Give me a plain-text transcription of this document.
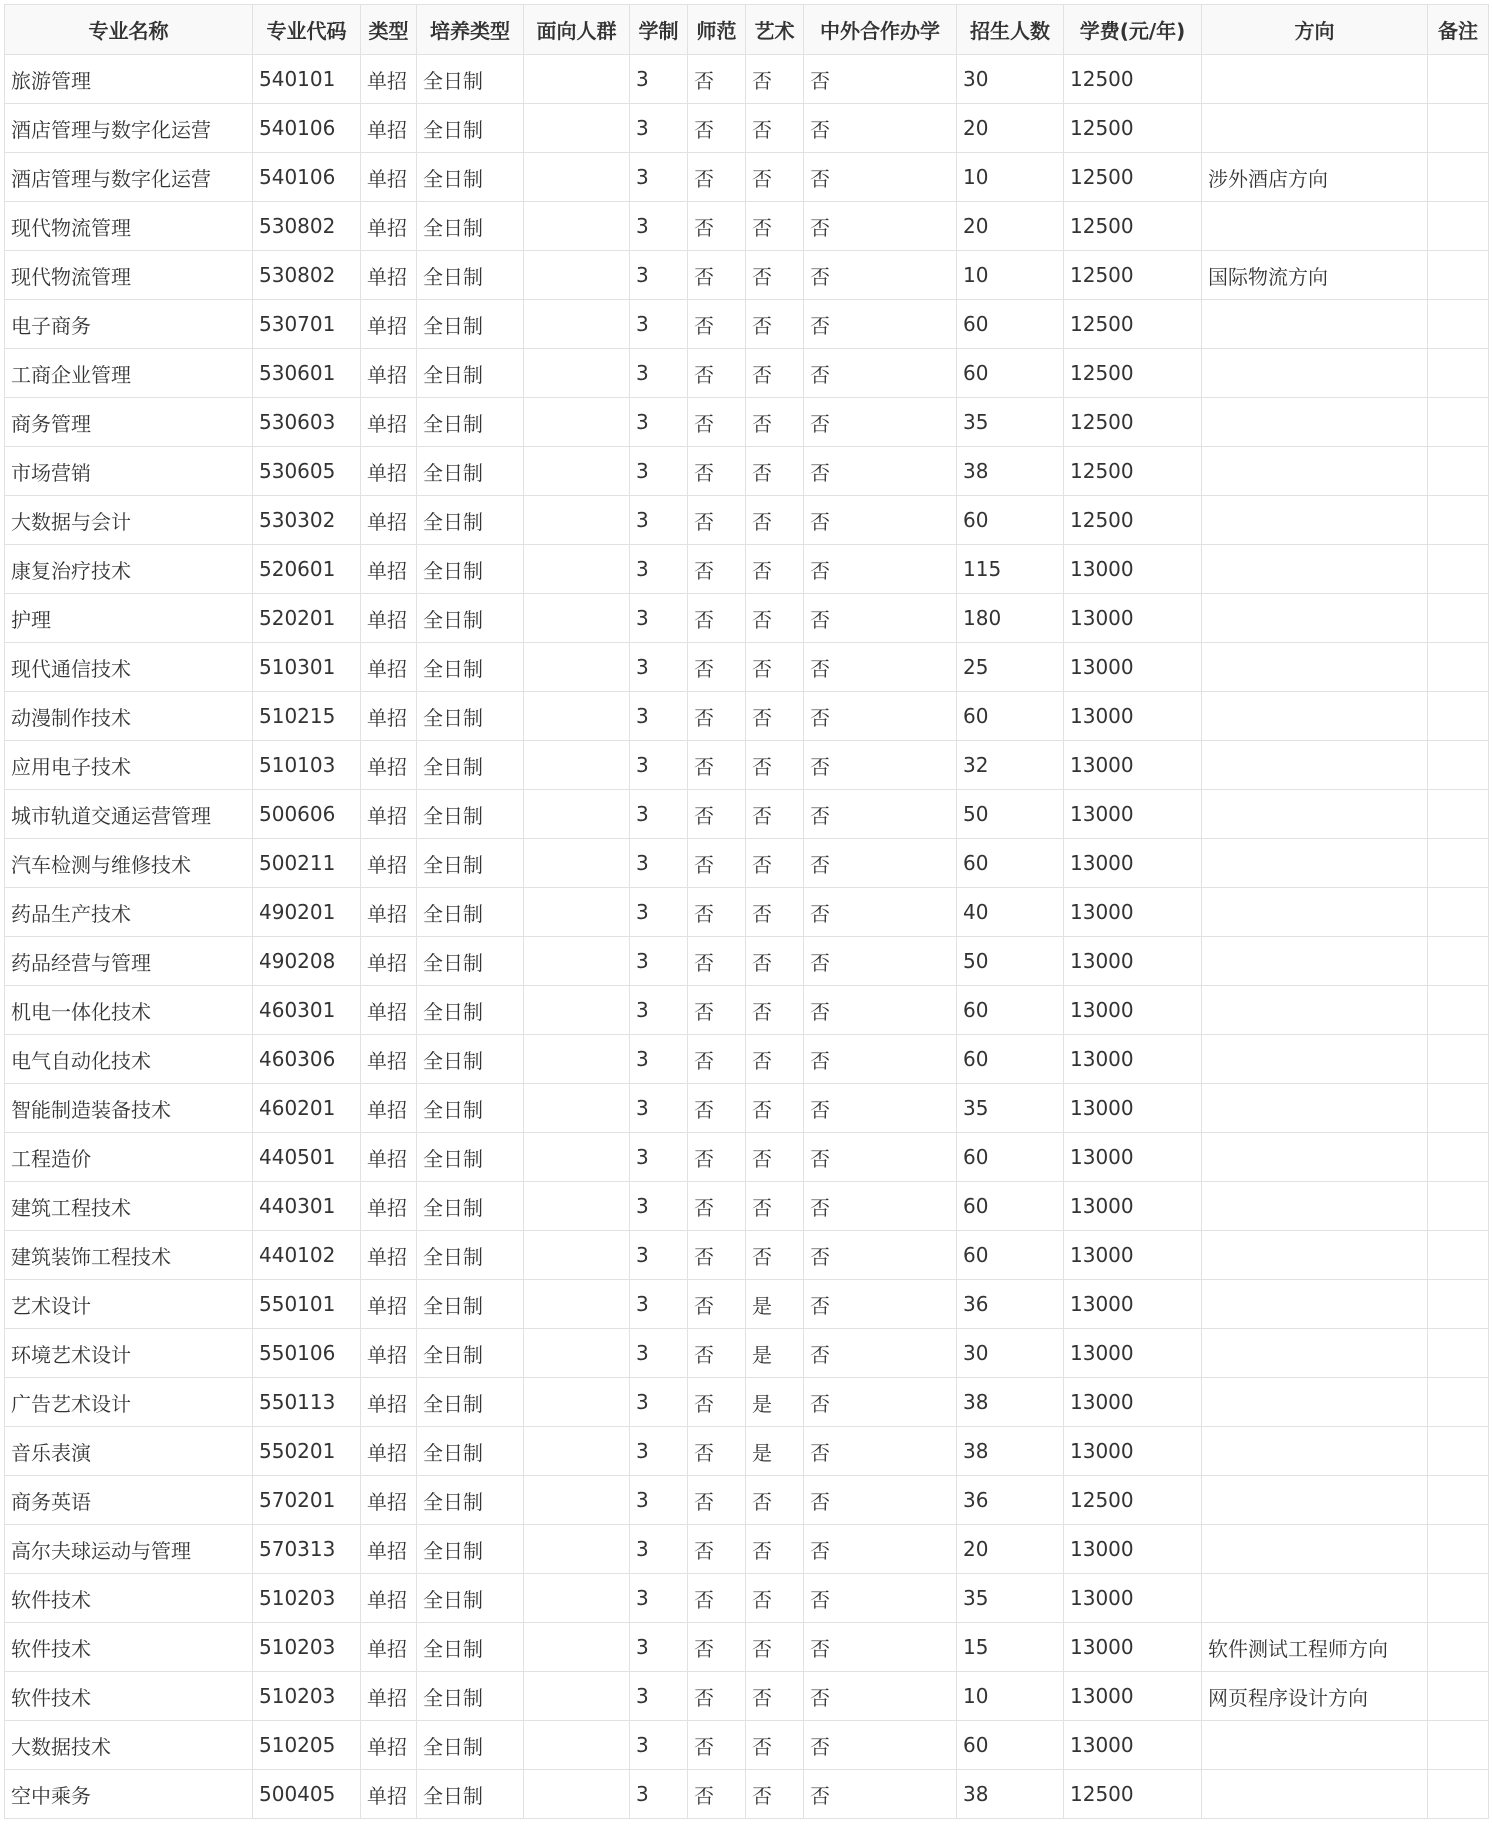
专业名称	专业代码	类型	培养类型	面向人群	学制	师范	艺术	中外合作办学	招生人数	学费(元/年)	方向	备注
旅游管理	540101	单招	全日制		3	否	否	否	30	12500		
酒店管理与数字化运营	540106	单招	全日制		3	否	否	否	20	12500		
酒店管理与数字化运营	540106	单招	全日制		3	否	否	否	10	12500	涉外酒店方向	
现代物流管理	530802	单招	全日制		3	否	否	否	20	12500		
现代物流管理	530802	单招	全日制		3	否	否	否	10	12500	国际物流方向	
电子商务	530701	单招	全日制		3	否	否	否	60	12500		
工商企业管理	530601	单招	全日制		3	否	否	否	60	12500		
商务管理	530603	单招	全日制		3	否	否	否	35	12500		
市场营销	530605	单招	全日制		3	否	否	否	38	12500		
大数据与会计	530302	单招	全日制		3	否	否	否	60	12500		
康复治疗技术	520601	单招	全日制		3	否	否	否	115	13000		
护理	520201	单招	全日制		3	否	否	否	180	13000		
现代通信技术	510301	单招	全日制		3	否	否	否	25	13000		
动漫制作技术	510215	单招	全日制		3	否	否	否	60	13000		
应用电子技术	510103	单招	全日制		3	否	否	否	32	13000		
城市轨道交通运营管理	500606	单招	全日制		3	否	否	否	50	13000		
汽车检测与维修技术	500211	单招	全日制		3	否	否	否	60	13000		
药品生产技术	490201	单招	全日制		3	否	否	否	40	13000		
药品经营与管理	490208	单招	全日制		3	否	否	否	50	13000		
机电一体化技术	460301	单招	全日制		3	否	否	否	60	13000		
电气自动化技术	460306	单招	全日制		3	否	否	否	60	13000		
智能制造装备技术	460201	单招	全日制		3	否	否	否	35	13000		
工程造价	440501	单招	全日制		3	否	否	否	60	13000		
建筑工程技术	440301	单招	全日制		3	否	否	否	60	13000		
建筑装饰工程技术	440102	单招	全日制		3	否	否	否	60	13000		
艺术设计	550101	单招	全日制		3	否	是	否	36	13000		
环境艺术设计	550106	单招	全日制		3	否	是	否	30	13000		
广告艺术设计	550113	单招	全日制		3	否	是	否	38	13000		
音乐表演	550201	单招	全日制		3	否	是	否	38	13000		
商务英语	570201	单招	全日制		3	否	否	否	36	12500		
高尔夫球运动与管理	570313	单招	全日制		3	否	否	否	20	13000		
软件技术	510203	单招	全日制		3	否	否	否	35	13000		
软件技术	510203	单招	全日制		3	否	否	否	15	13000	软件测试工程师方向	
软件技术	510203	单招	全日制		3	否	否	否	10	13000	网页程序设计方向	
大数据技术	510205	单招	全日制		3	否	否	否	60	13000		
空中乘务	500405	单招	全日制		3	否	否	否	38	12500		
